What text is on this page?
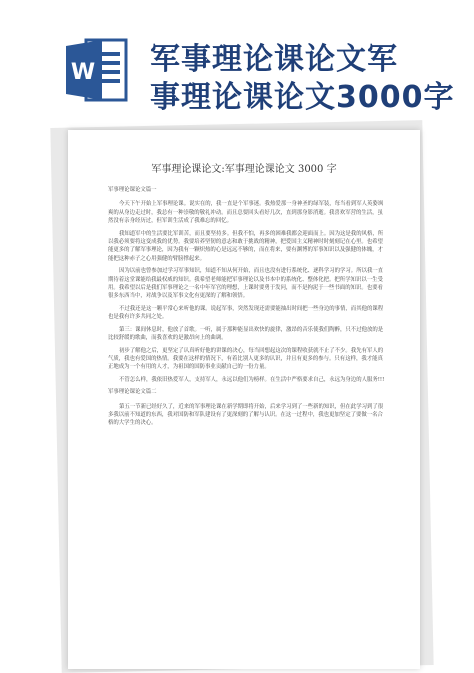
W 军事理论课论文军
事理论课论文3000字
军事理论课论文:军事理论课论文 3000 字

军事理论课论文篇一

今天下午开始上军事理论课。说实在的，我一直是个军事迷。我热爱那一身神圣的绿军装，每当看到军人英姿飒爽的从身边走过时，我总有一种崇敬的敬礼冲动。而且总要回头看好几次，直到那身影消逝。我喜欢军营的生活，虽然没有亲身经历过，但军训生活成了我难忘的回忆。

我知道军中的生活要比军训苦，而且要坚持多。但我不怕，再多的困难我都会迎面而上。因为这是我的风格，所以我必须要将这变成我的优势。我要培养坚韧的意志和敢于挑战的精神，把爱国主义精神时时刻刻记在心里。也希望能更多的了解军事理论，因为我有一颗炽热的心是远远不够的，而在将来，要有渊博的军事知识以及强健的体魄，才能把这种赤子之心用强健的臂膀撑起来。

因为以前也曾参加过学习军事知识，知道不知从何开始，而且也没有进行系统化、逐科学习的学习。所以我一直期待着这堂课能给我最权威的知识。我希望老师能把军事理论以及书本中的系统化、整体化把。把所学知识以一生受用。我希望以后是我们军事理论之一名中年军官的理想，上课时要勇于发问，而不是拘泥于一些书面的知识。也要看很多东西当中，对战争以及军事文化有更深的了解和领悟。

不过我还是这一颗平常心来听他的课。说起军事，突然发现还需要能抽出时间把一些身边的事情，而其他的课程也是我有许多共同之处。

第三：课间休息时，他放了首歌。一听，属于那种能显出欢快的旋律，激昂的音乐使我们陶醉，只不过他放的是比较舒缓的歌曲，而我喜欢的是激昂向上的曲调。

初步了解他之后，更坚定了认真听好他的讲课的决心，每当回想起这次的课程收获就不止了不少。我先有军人的气质，我也有爱国的热情。我要在这样的情况下，有着比别人更多的认识，并且有更多的参与。只有这样，我才能真正地成为一个有用的人才，为祖国的国防事业贡献自己的一份力量。

不管怎么样，我依旧热爱军人，支持军人，永远以他们为榜样。在生活中严格要求自己，永远为身边的人服务!!!

军事理论课论文篇二

第五一节新已经好久了，近来的军事理论课在新学期即将开始，后来学习到了一些新的知识，但在此学习到了很多我以前不知道的东西，我对国防和军队建设有了更深刻的了解与认识。在这一过程中，我也更加坚定了要做一名合格的大学生的决心。
